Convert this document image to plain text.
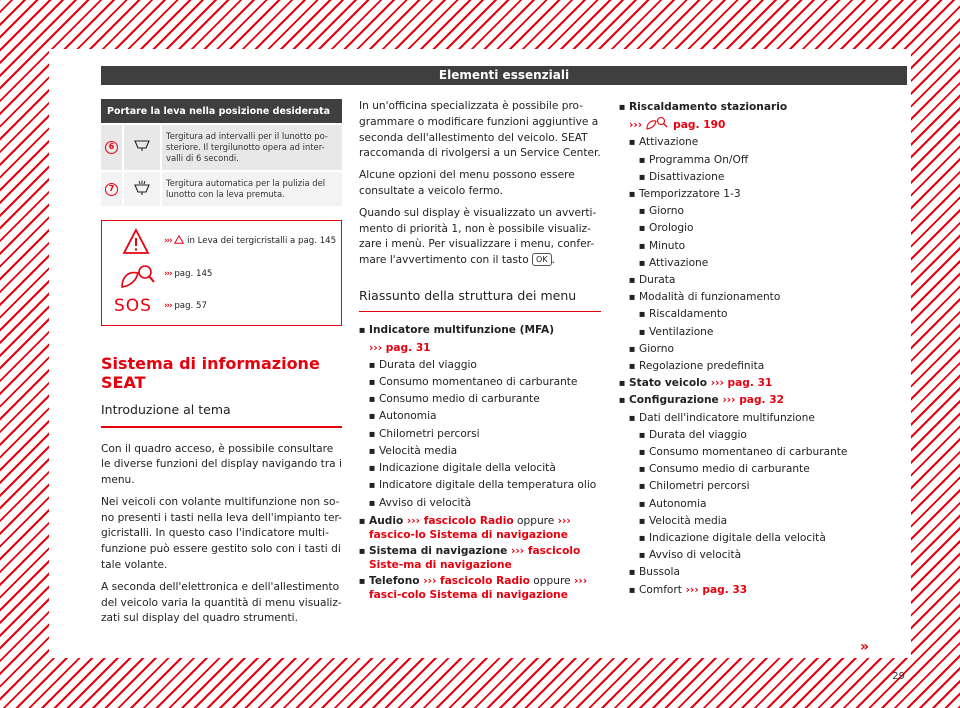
Elementi essenziali
Portare la leva nella posizione desiderata		
6		Tergitura ad intervalli per il lunotto po-steriore. Il tergilunotto opera ad inter-valli di 6 secondi.
7		Tergitura automatica per la pulizia del lunotto con la leva premuta.
›››  in Leva dei tergicristalli a pag. 145
››› pag. 145
SOS	››› pag. 57
Sistema di informazione SEAT
Introduzione al tema

Con il quadro acceso, è possibile consultare le diverse funzioni del display navigando tra i menu.

Nei veicoli con volante multifunzione non so-no presenti i tasti nella leva dell'impianto ter-gicristalli. In questo caso l'indicatore multi-funzione può essere gestito solo con i tasti di tale volante.

A seconda dell'elettronica e dell'allestimento del veicolo varia la quantità di menu visualiz-zati sul display del quadro strumenti.

In un'officina specializzata è possibile pro-grammare o modificare funzioni aggiuntive a seconda dell'allestimento del veicolo. SEAT raccomanda di rivolgersi a un Service Center.

Alcune opzioni del menu possono essere consultate a veicolo fermo.

Quando sul display è visualizzato un avverti-mento di priorità 1, non è possibile visualiz-zare i menù. Per visualizzare i menu, confer-mare l'avvertimento con il tasto OK .

Riassunto della struttura dei menu
■ Indicatore multifunzione (MFA)
››› pag. 31
■ Durata del viaggio
■ Consumo momentaneo di carburante
■ Consumo medio di carburante
■ Autonomia
■ Chilometri percorsi
■ Velocità media
■ Indicazione digitale della velocità
■ Indicatore digitale della temperatura olio
■ Avviso di velocità
■ Audio ››› fascicolo Radio oppure ››› fascico-lo Sistema di navigazione
■ Sistema di navigazione ››› fascicolo Siste-ma di navigazione
■ Telefono ››› fascicolo Radio oppure ››› fasci-colo Sistema di navigazione
■ Riscaldamento stazionario
›››	pag. 190
■ Attivazione
■ Programma On/Off
■ Disattivazione
■ Temporizzatore 1-3
■ Giorno
■ Orologio
■ Minuto
■ Attivazione
■ Durata
■ Modalità di funzionamento
■ Riscaldamento
■ Ventilazione
■ Giorno
■ Regolazione predefinita
■ Stato veicolo ››› pag. 31
■ Configurazione ››› pag. 32
■ Dati dell'indicatore multifunzione
■ Durata del viaggio
■ Consumo momentaneo di carburante
■ Consumo medio di carburante
■ Chilometri percorsi
■ Autonomia
■ Velocità media
■ Indicazione digitale della velocità
■ Avviso di velocità
■ Bussola
■ Comfort ››› pag. 33
»
29
